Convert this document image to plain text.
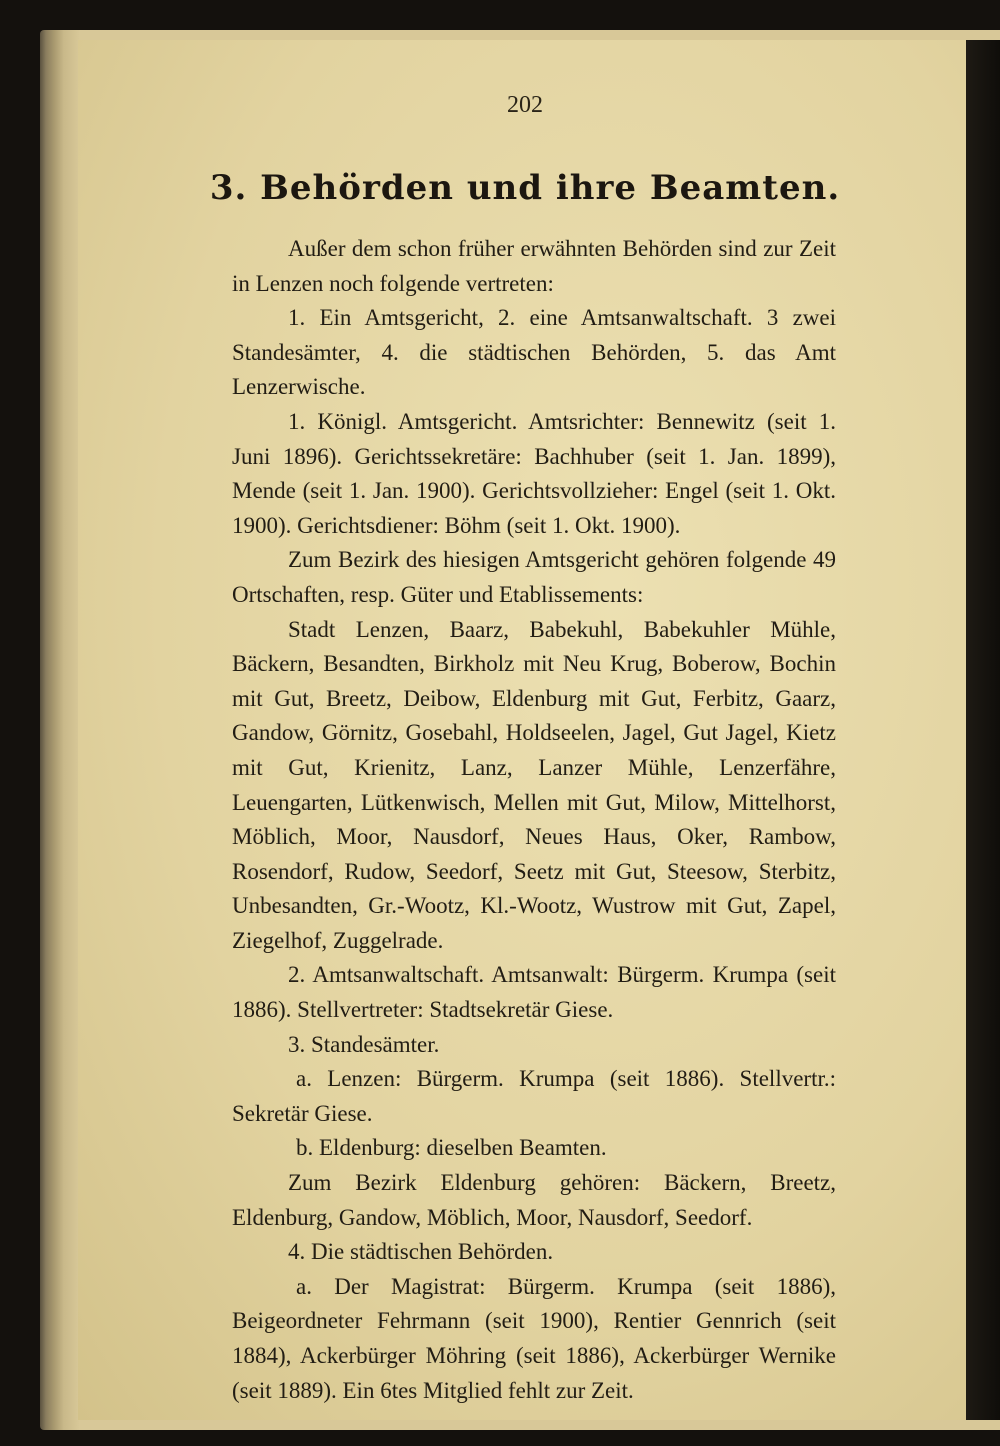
202
3. Behörden und ihre Beamten.

Außer dem schon früher erwähnten Behörden sind zur Zeit in Lenzen noch folgende vertreten:

1. Ein Amtsgericht, 2. eine Amtsanwaltschaft. 3 zwei Standesämter, 4. die städtischen Behörden, 5. das Amt Lenzerwische.

1. Königl. Amtsgericht. Amtsrichter: Bennewitz (seit 1. Juni 1896). Gerichtssekretäre: Bachhuber (seit 1. Jan. 1899), Mende (seit 1. Jan. 1900). Gerichtsvollzieher: Engel (seit 1. Okt. 1900). Gerichtsdiener: Böhm (seit 1. Okt. 1900).

Zum Bezirk des hiesigen Amtsgericht gehören folgende 49 Ortschaften, resp. Güter und Etablissements:

Stadt Lenzen, Baarz, Babekuhl, Babekuhler Mühle, Bäckern, Besandten, Birkholz mit Neu Krug, Boberow, Bochin mit Gut, Breetz, Deibow, Eldenburg mit Gut, Ferbitz, Gaarz, Gandow, Görnitz, Gosebahl, Holdseelen, Jagel, Gut Jagel, Kietz mit Gut, Krienitz, Lanz, Lanzer Mühle, Lenzerfähre, Leuengarten, Lütkenwisch, Mellen mit Gut, Milow, Mittelhorst, Möblich, Moor, Nausdorf, Neues Haus, Oker, Rambow, Rosendorf, Rudow, Seedorf, Seetz mit Gut, Steesow, Sterbitz, Unbesandten, Gr.-Wootz, Kl.-Wootz, Wustrow mit Gut, Zapel, Ziegelhof, Zuggelrade.

2. Amtsanwaltschaft. Amtsanwalt: Bürgerm. Krumpa (seit 1886). Stellvertreter: Stadtsekretär Giese.

3. Standesämter.

a. Lenzen: Bürgerm. Krumpa (seit 1886). Stellvertr.: Sekretär Giese.

b. Eldenburg: dieselben Beamten.

Zum Bezirk Eldenburg gehören: Bäckern, Breetz, Eldenburg, Gandow, Möblich, Moor, Nausdorf, Seedorf.

4. Die städtischen Behörden.

a. Der Magistrat: Bürgerm. Krumpa (seit 1886), Beigeordneter Fehrmann (seit 1900), Rentier Gennrich (seit 1884), Ackerbürger Möhring (seit 1886), Ackerbürger Wernike (seit 1889). Ein 6tes Mitglied fehlt zur Zeit.
